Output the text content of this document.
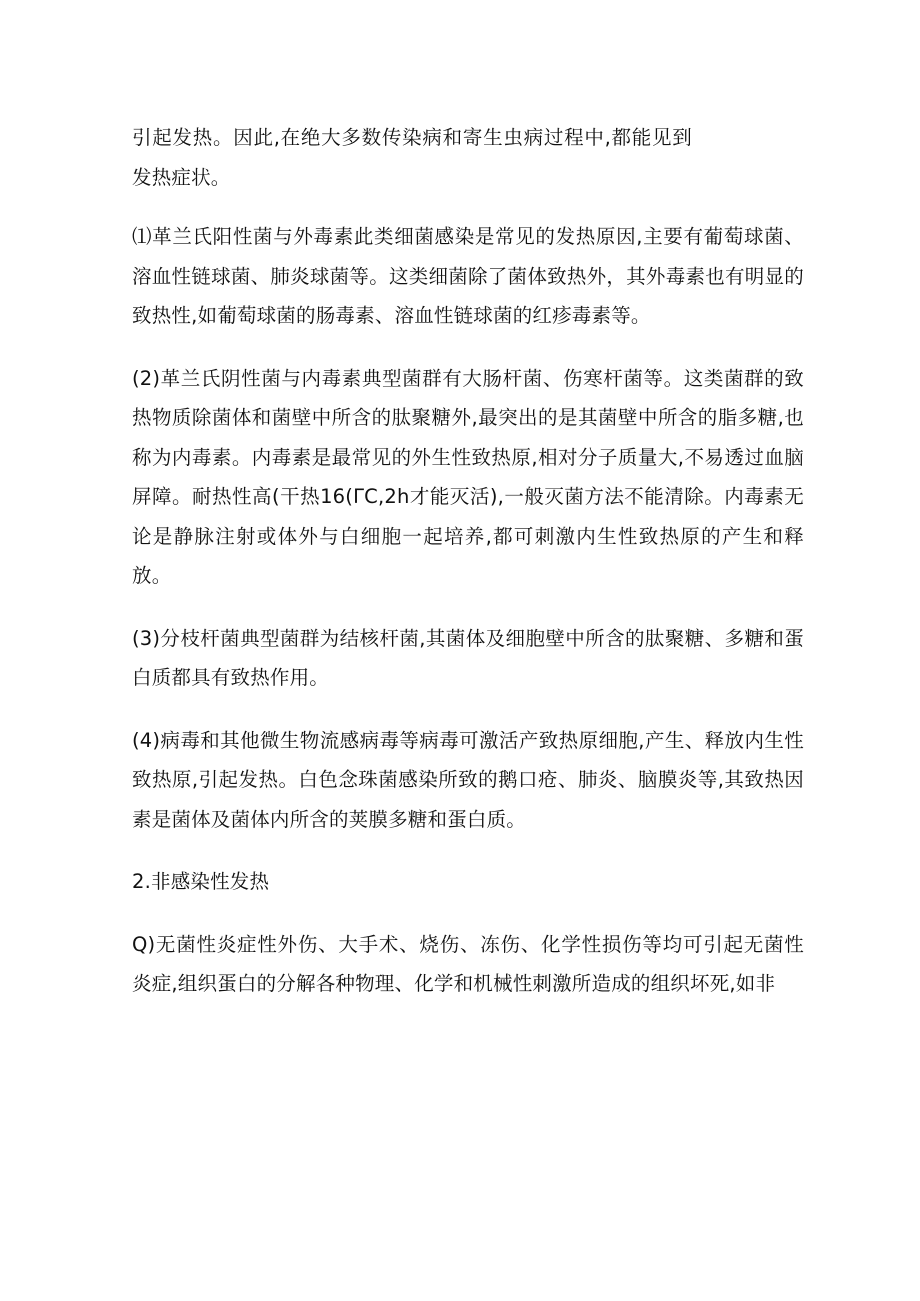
引起发热。因此,在绝大多数传染病和寄生虫病过程中,都能见到发热症状。

⑴革兰氏阳性菌与外毒素此类细菌感染是常见的发热原因,主要有葡萄球菌、溶血性链球菌、肺炎球菌等。这类细菌除了菌体致热外，其外毒素也有明显的致热性,如葡萄球菌的肠毒素、溶血性链球菌的红疹毒素等。

(2)革兰氏阴性菌与内毒素典型菌群有大肠杆菌、伤寒杆菌等。这类菌群的致热物质除菌体和菌壁中所含的肽聚糖外,最突出的是其菌壁中所含的脂多糖,也称为内毒素。内毒素是最常见的外生性致热原,相对分子质量大,不易透过血脑屏障。耐热性高(干热16(ΓC,2h才能灭活),一般灭菌方法不能清除。内毒素无论是静脉注射或体外与白细胞一起培养,都可刺激内生性致热原的产生和释放。

(3)分枝杆菌典型菌群为结核杆菌,其菌体及细胞壁中所含的肽聚糖、多糖和蛋白质都具有致热作用。

(4)病毒和其他微生物流感病毒等病毒可激活产致热原细胞,产生、释放内生性致热原,引起发热。白色念珠菌感染所致的鹅口疮、肺炎、脑膜炎等,其致热因素是菌体及菌体内所含的荚膜多糖和蛋白质。

2.非感染性发热

Q)无菌性炎症性外伤、大手术、烧伤、冻伤、化学性损伤等均可引起无菌性炎症,组织蛋白的分解各种物理、化学和机械性刺激所造成的组织坏死,如非
